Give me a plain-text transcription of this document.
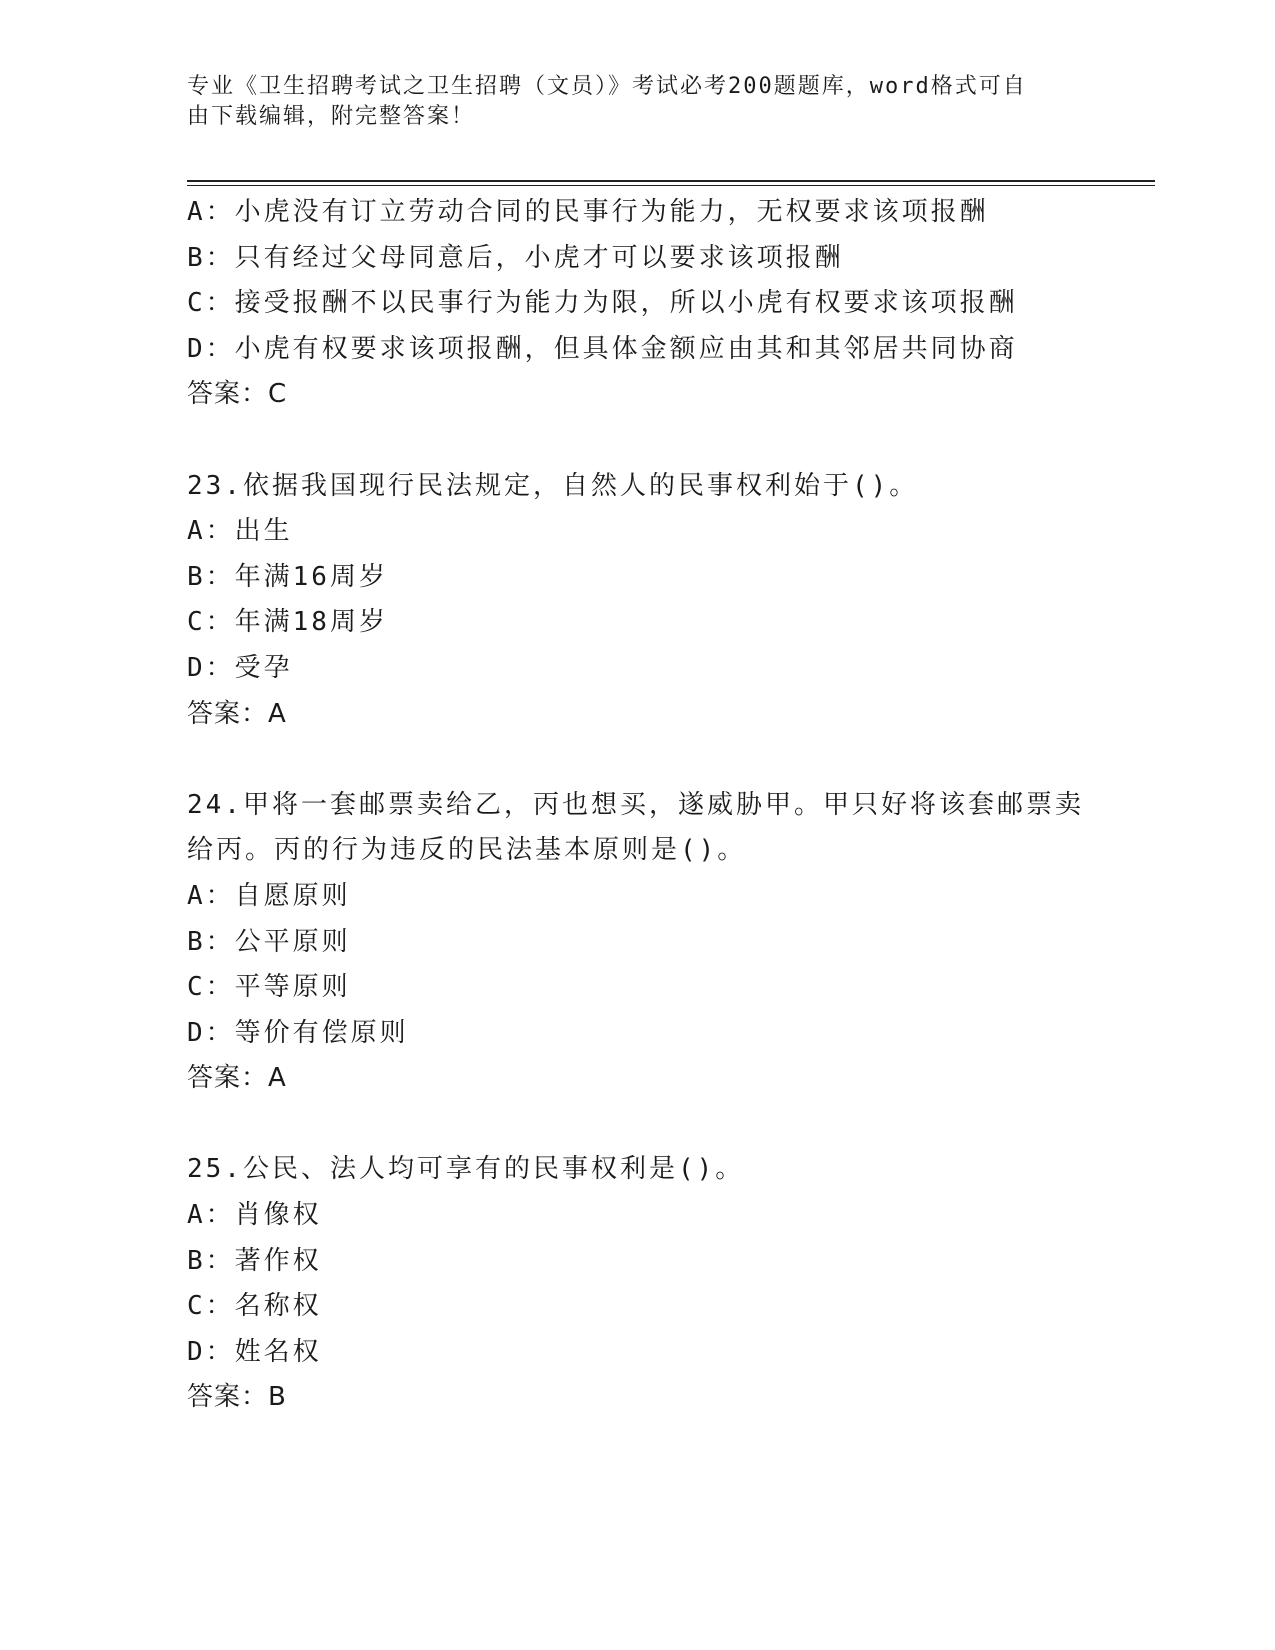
专业《卫生招聘考试之卫生招聘（文员）》考试必考200题题库，word格式可自
由下载编辑，附完整答案！
A：小虎没有订立劳动合同的民事行为能力，无权要求该项报酬
B：只有经过父母同意后，小虎才可以要求该项报酬
C：接受报酬不以民事行为能力为限，所以小虎有权要求该项报酬
D：小虎有权要求该项报酬，但具体金额应由其和其邻居共同协商
答案：C
23.依据我国现行民法规定，自然人的民事权利始于()。
A：出生
B：年满16周岁
C：年满18周岁
D：受孕
答案：A
24.甲将一套邮票卖给乙，丙也想买，遂威胁甲。甲只好将该套邮票卖
给丙。丙的行为违反的民法基本原则是()。
A：自愿原则
B：公平原则
C：平等原则
D：等价有偿原则
答案：A
25.公民、法人均可享有的民事权利是()。
A：肖像权
B：著作权
C：名称权
D：姓名权
答案：B
